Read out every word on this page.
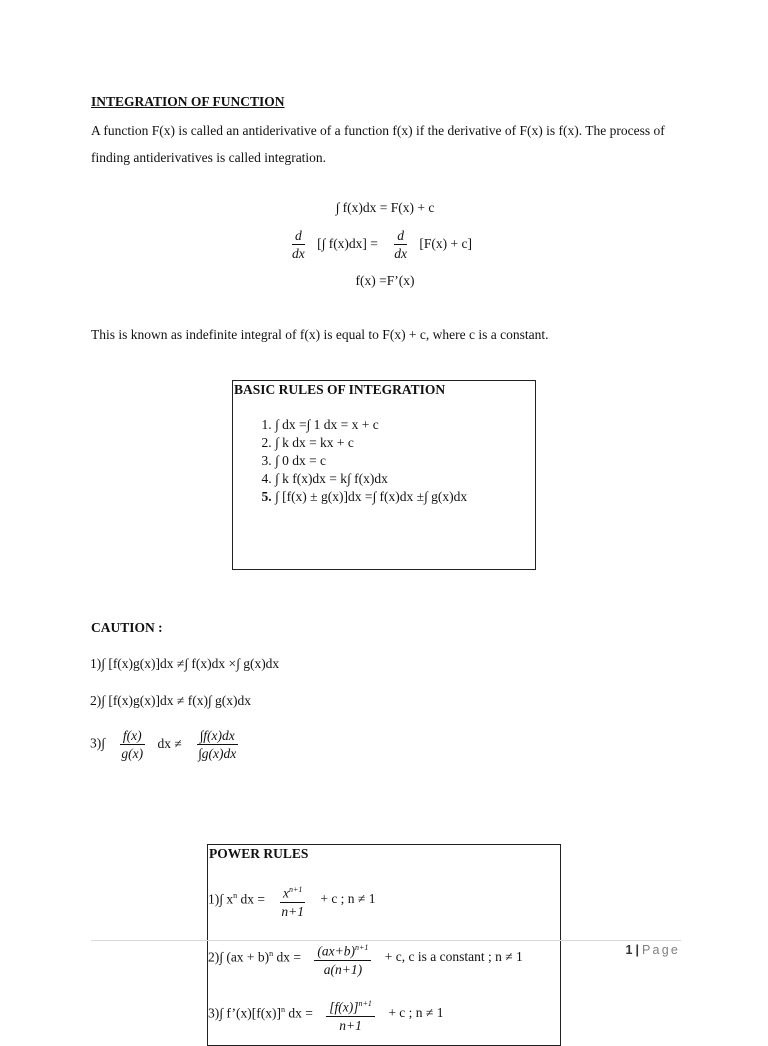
INTEGRATION OF FUNCTION
A function F(x) is called an antiderivative of a function f(x) if the derivative of F(x) is f(x). The process of finding antiderivatives is called integration.
∫ f(x)dx = F(x) + c
$\frac{d}{dx}$ [∫ $f(x)dx] = \frac{d}{dx} [F(x) + c]$
f(x) =F’(x)
This is known as indefinite integral of f(x) is equal to F(x) + c, where c is a constant.
BASIC RULES OF INTEGRATION
1. ∫ dx =∫ 1 dx = x + c
2. ∫ k dx = kx + c
3. ∫ 0 dx = c
4. ∫ k f(x)dx = k∫ f(x)dx
5. ∫ [f(x) ± g(x)]dx =∫ f(x)dx ±∫ g(x)dx
CAUTION :
1)∫ [f(x)g(x)]dx ≠∫ f(x)dx ×∫ g(x)dx
2)∫ [f(x)g(x)]dx ≠ f(x)∫ g(x)dx
$3)\int \frac{f(x)}{g(x)}$ dx ≠ $\frac{\int f(x)dx}{\int g(x)dx}$
POWER RULES
1)∫ $x^n$ dx = $\frac{x^{n+1}}{n+1} + c$ ; n ≠ 1
2)∫ (ax + b)$^n$ dx = $\frac{(ax+b)^{n+1}}{a(n+1)} + c$, c is a constant ; n ≠ 1
3)∫ $f’(x)[f(x)]^n$ dx = $\frac{[f(x)]^{n+1}}{n+1} + c$ ; n ≠ 1
1 | Page
